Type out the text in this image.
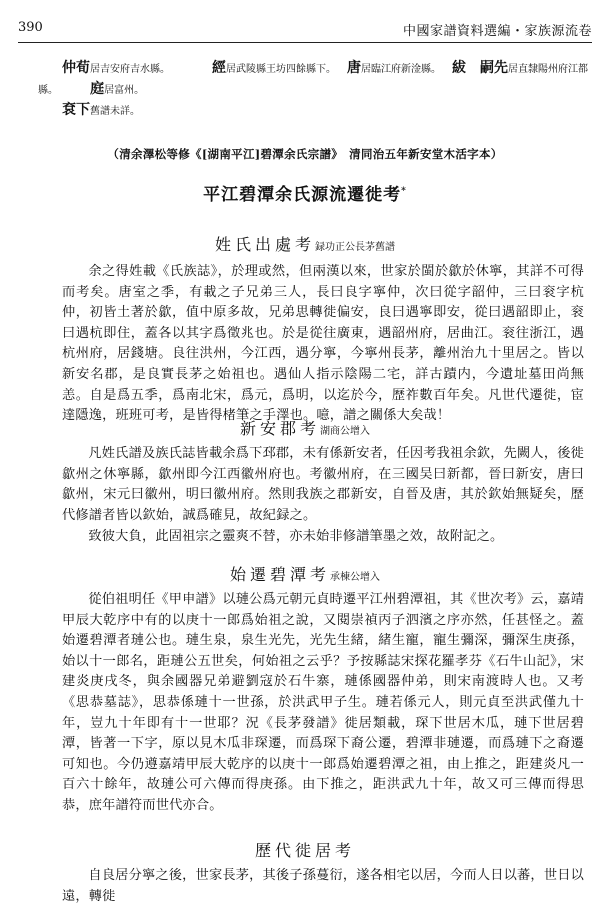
390	中國家譜資料選編・家族源流卷
仲荀居吉安府吉水縣。	經居武陵縣王坊四餘縣下。 唐居臨江府新淦縣。 紱　嗣先居直隸陽州府江都
縣。 庭居富州。
袞下舊譜未詳。
（清余澤松等修《[湖南平江]碧潭余氏宗譜》　清同治五年新安堂木活字本）
平江碧潭余氏源流遷徙考*
姓氏出處考録功正公長茅舊譜
余之得姓載《氏族誌》，於理或然，但兩漢以來，世家於閩於歙於休寧，其詳不可得而考矣。唐室之季，有載之子兄弟三人，長曰良字寧仲，次曰從字韶仲，三曰衮字杭仲，初皆土著於歙，值中原多故，兄弟思轉徙偏安，良曰遇寧即安，從曰遇韶即止，衮曰遇杭即住，蓋各以其字爲徵兆也。於是從往廣東，遇韶州府，居曲江。衮往浙江，遇杭州府，居錢塘。良往洪州，今江西，遇分寧，今寧州長茅，離州治九十里居之。皆以新安名郡，是良實長茅之始祖也。遇仙人指示陰陽二宅，詳古蹟内，今遺址墓田尚無恙。自是爲五季，爲南北宋，爲元，爲明，以迄於今，歷祚數百年矣。凡世代遷徙，宦達隱逸，班班可考，是皆得楮筆之手澤也。噫，譜之關係大矣哉！
新安郡考湖商公增入
凡姓氏譜及族氏誌皆載余爲下邳郡，未有係新安者，任因考我祖余欽，先闕人，後徙歙州之休寧縣，歙州即今江西徽州府也。考徽州府，在三國吴曰新都，晉曰新安，唐曰歙州，宋元曰徽州，明曰徽州府。然則我族之郡新安，自晉及唐，其於欽始無疑矣，歷代修譜者皆以欽始，誠爲確見，故紀録之。
致彼大負，此固祖宗之靈爽不替，亦未始非修譜筆墨之效，故附記之。
始遷碧潭考承棟公增入
從伯祖明任《甲申譜》以璉公爲元朝元貞時遷平江州碧潭祖，其《世次考》云，嘉靖甲辰大乾序中有的以庚十一郎爲始祖之說，又閱崇禎丙子泗濱之序亦然，任甚怪之。蓋始遷碧潭者璉公也。璉生泉，泉生光先，光先生緒，緒生寵，寵生彌深，彌深生庚孫，始以十一郎名，距璉公五世矣，何始祖之云乎？予按縣誌宋探花羅孝芬《石牛山記》，宋建炎庚戌冬，與余國器兄弟避劉寇於石牛寨，璉係國器仲弟，則宋南渡時人也。又考《思恭墓誌》，思恭係璉十一世孫，於洪武甲子生。璉若係元人，則元貞至洪武僅九十年，豈九十年即有十一世耶？況《長茅發譜》徙居類載，琛下世居木瓜，璉下世居碧潭，皆著一下字，原以見木瓜非琛遷，而爲琛下裔公遷，碧潭非璉遷，而爲璉下之裔遷可知也。今仍遵嘉靖甲辰大乾序的以庚十一郎爲始遷碧潭之祖，由上推之，距建炎凡一百六十餘年，故璉公可六傳而得庚孫。由下推之，距洪武九十年，故又可三傳而得思恭，庶年譜符而世代亦合。
歷代徙居考
自良居分寧之後，世家長茅，其後子孫蔓衍，遂各相宅以居，今而人日以蕃，世日以遠，轉徙
